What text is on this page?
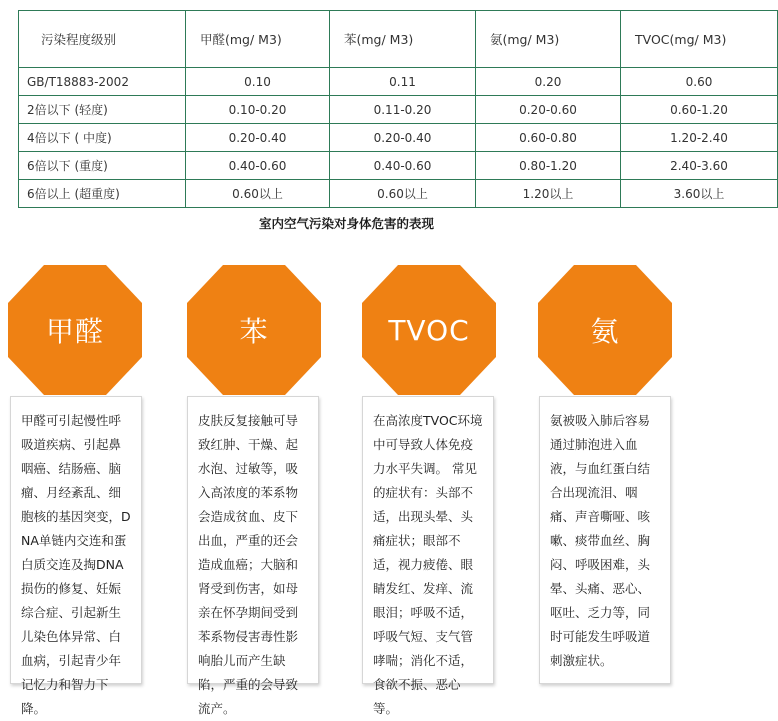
污染程度级别	甲醛(mg/ M3)	苯(mg/ M3)	氨(mg/ M3)	TVOC(mg/ M3)
GB/T18883-2002	0.10	0.11	0.20	0.60
2倍以下 (轻度)	0.10-0.20	0.11-0.20	0.20-0.60	0.60-1.20
4倍以下 ( 中度)	0.20-0.40	0.20-0.40	0.60-0.80	1.20-2.40
6倍以下 (重度)	0.40-0.60	0.40-0.60	0.80-1.20	2.40-3.60
6倍以上 (超重度)	0.60以上	0.60以上	1.20以上	3.60以上
室内空气污染对身体危害的表现
甲醛
甲醛可引起慢性呼吸道疾病、引起鼻咽癌、结肠癌、脑瘤、月经紊乱、细胞核的基因突变，DNA单链内交连和蛋白质交连及掏DNA损伤的修复、妊娠综合症、引起新生儿染色体异常、白血病，引起青少年记忆力和智力下降。
苯
皮肤反复接触可导致红肿、干燥、起水泡、过敏等，吸入高浓度的苯系物会造成贫血、皮下出血，严重的还会造成血癌；大脑和肾受到伤害，如母亲在怀孕期间受到苯系物侵害毒性影响胎儿而产生缺陷，严重的会导致流产。
TVOC
在高浓度TVOC环境中可导致人体免疫力水平失调。 常见的症状有：头部不适，出现头晕、头痛症状；眼部不适，视力疲倦、眼睛发红、发痒、流眼泪；呼吸不适，呼吸气短、支气管哮喘；消化不适，食欲不振、恶心等。
氨
氨被吸入肺后容易通过肺泡进入血液，与血红蛋白结合出现流泪、咽痛、声音嘶哑、咳嗽、痰带血丝、胸闷、呼吸困难，头晕、头痛、恶心、呕吐、乏力等，同时可能发生呼吸道刺激症状。
